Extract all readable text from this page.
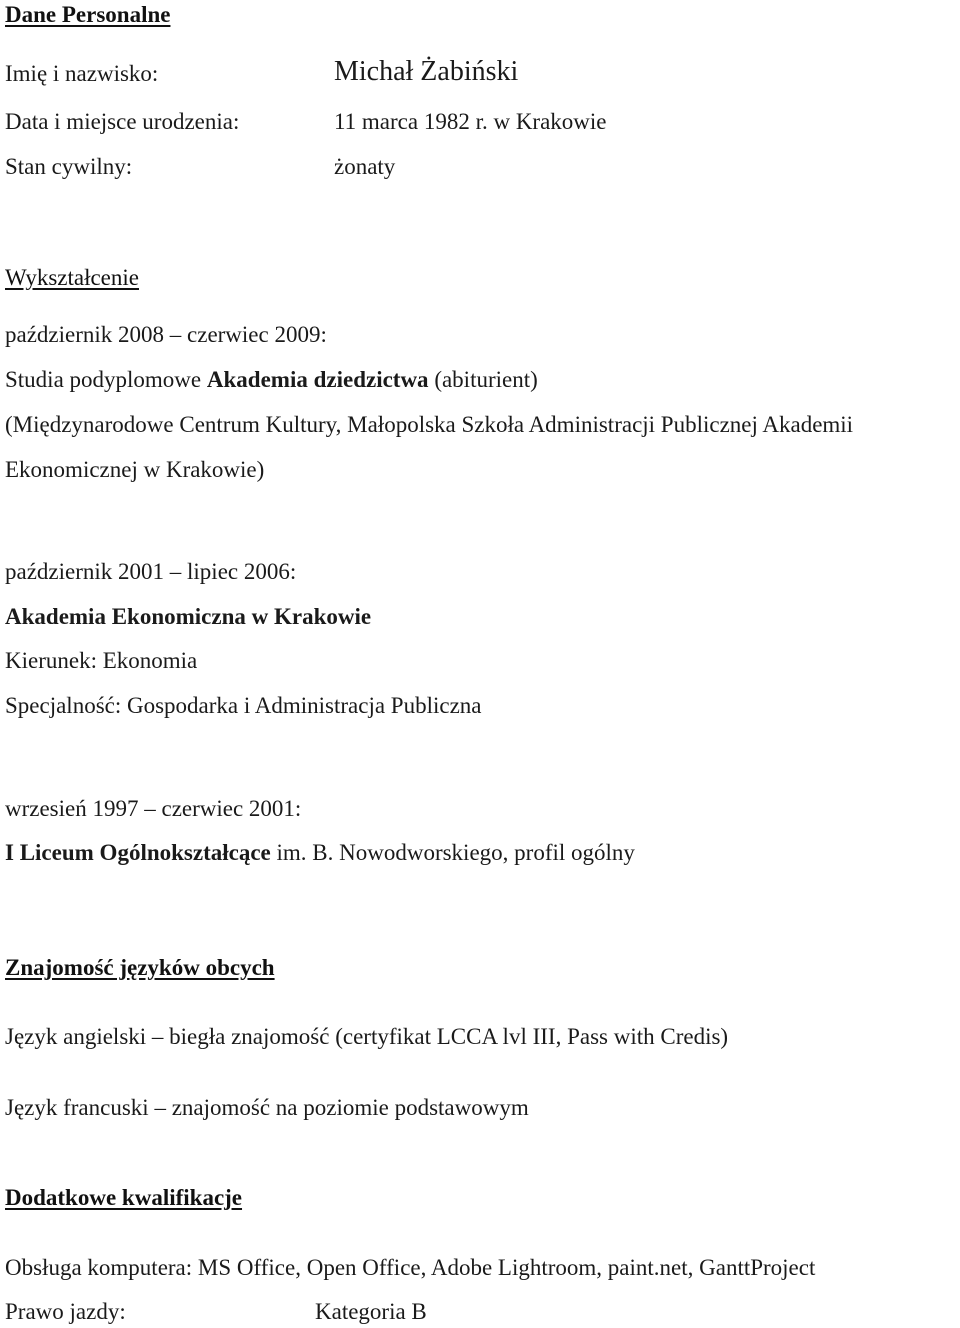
Dane Personalne
Imię i nazwisko:	Michał Żabiński
Data i miejsce urodzenia:	11 marca 1982 r. w Krakowie
Stan cywilny:	żonaty
Wykształcenie
październik 2008 – czerwiec 2009:
Studia podyplomowe Akademia dziedzictwa (abiturient)
(Międzynarodowe Centrum Kultury, Małopolska Szkoła Administracji Publicznej Akademii
Ekonomicznej w Krakowie)
październik 2001 – lipiec 2006:
Akademia Ekonomiczna w Krakowie
Kierunek: Ekonomia
Specjalność: Gospodarka i Administracja Publiczna
wrzesień 1997 – czerwiec 2001:
I Liceum Ogólnokształcące im. B. Nowodworskiego, profil ogólny
Znajomość języków obcych
Język angielski – biegła znajomość (certyfikat LCCA lvl III, Pass with Credis)
Język francuski – znajomość na poziomie podstawowym
Dodatkowe kwalifikacje
Obsługa komputera: MS Office, Open Office, Adobe Lightroom, paint.net, GanttProject
Prawo jazdy:	Kategoria B
